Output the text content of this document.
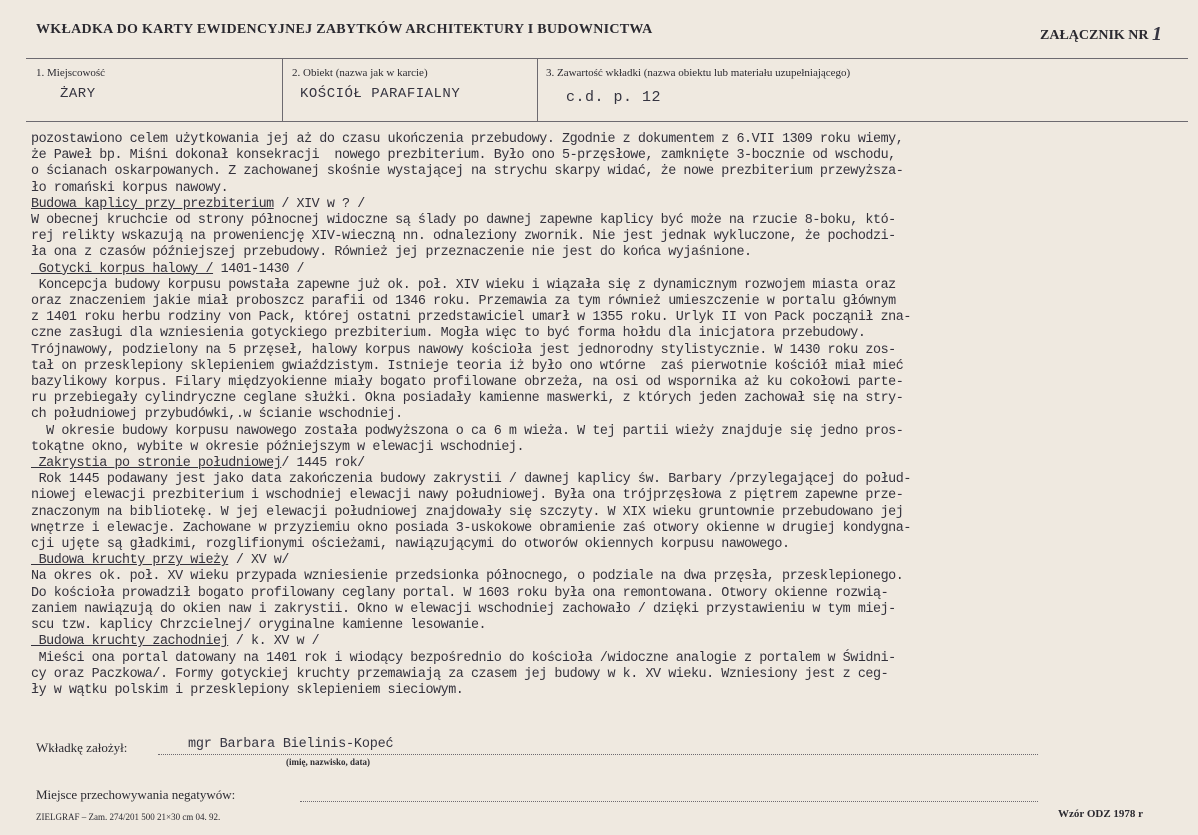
WKŁADKA DO KARTY EWIDENCYJNEJ ZABYTKÓW ARCHITEKTURY I BUDOWNICTWA	ZAŁĄCZNIK NR 1
1. Miejscowość
ŻARY
2. Obiekt (nazwa jak w karcie)
KOŚCIÓŁ PARAFIALNY
3. Zawartość wkładki (nazwa obiektu lub materiału uzupełniającego)
c.d. p. 12
pozostawiono celem użytkowania jej aż do czasu ukończenia przebudowy. Zgodnie z dokumentem z 6.VII 1309 roku wiemy,
że Paweł bp. Miśni dokonał konsekracji  nowego prezbiterium. Było ono 5-przęsłowe, zamknięte 3-bocznie od wschodu,
o ścianach oskarpowanych. Z zachowanej skośnie wystającej na strychu skarpy widać, że nowe prezbiterium przewyższa-
ło romański korpus nawowy.
Budowa kaplicy przy prezbiterium / XIV w ? /
W obecnej kruchcie od strony północnej widoczne są ślady po dawnej zapewne kaplicy być może na rzucie 8-boku, któ-
rej relikty wskazują na proweniencję XIV-wieczną nn. odnaleziony zwornik. Nie jest jednak wykluczone, że pochodzi-
ła ona z czasów późniejszej przebudowy. Również jej przeznaczenie nie jest do końca wyjaśnione.
Gotycki korpus halowy / 1401-1430 /
Koncepcja budowy korpusu powstała zapewne już ok. poł. XIV wieku i wiązała się z dynamicznym rozwojem miasta oraz
oraz znaczeniem jakie miał proboszcz parafii od 1346 roku. Przemawia za tym również umieszczenie w portalu głównym
z 1401 roku herbu rodziny von Pack, której ostatni przedstawiciel umarł w 1355 roku. Urlyk II von Pack począnił zna-
czne zasługi dla wzniesienia gotyckiego prezbiterium. Mogła więc to być forma hołdu dla inicjatora przebudowy.
Trójnawowy, podzielony na 5 przęseł, halowy korpus nawowy kościoła jest jednorodny stylistycznie. W 1430 roku zos-
tał on przesklepiony sklepieniem gwiaździstym. Istnieje teoria iż było ono wtórne  zaś pierwotnie kościół miał mieć
bazylikowy korpus. Filary międzyokienne miały bogato profilowane obrzeża, na osi od wspornika aż ku cokołowi parte-
ru przebiegały cylindryczne ceglane służki. Okna posiadały kamienne maswerki, z których jeden zachował się na stry-
ch południowej przybudówki,.w ścianie wschodniej.
W okresie budowy korpusu nawowego została podwyższona o ca 6 m wieża. W tej partii wieży znajduje się jedno pros-
tokątne okno, wybite w okresie późniejszym w elewacji wschodniej.
Zakrystia po stronie południowej/ 1445 rok/
Rok 1445 podawany jest jako data zakończenia budowy zakrystii / dawnej kaplicy św. Barbary /przylegającej do połud-
niowej elewacji prezbiterium i wschodniej elewacji nawy południowej. Była ona trójprzęsłowa z piętrem zapewne prze-
znaczonym na bibliotekę. W jej elewacji południowej znajdowały się szczyty. W XIX wieku gruntownie przebudowano jej
wnętrze i elewacje. Zachowane w przyziemiu okno posiada 3-uskokowe obramienie zaś otwory okienne w drugiej kondygna-
cji ujęte są gładkimi, rozglifionymi ościeżami, nawiązującymi do otworów okiennych korpusu nawowego.
Budowa kruchty przy wieży / XV w/
Na okres ok. poł. XV wieku przypada wzniesienie przedsionka północnego, o podziale na dwa przęsła, przesklepionego.
Do kościoła prowadził bogato profilowany ceglany portal. W 1603 roku była ona remontowana. Otwory okienne rozwią-
zaniem nawiązują do okien naw i zakrystii. Okno w elewacji wschodniej zachowało / dzięki przystawieniu w tym miej-
scu tzw. kaplicy Chrzcielnej/ oryginalne kamienne lesowanie.
Budowa kruchty zachodniej / k. XV w /
Mieści ona portal datowany na 1401 rok i wiodący bezpośrednio do kościoła /widoczne analogie z portalem w Świdni-
cy oraz Paczkowa/. Formy gotyckiej kruchty przemawiają za czasem jej budowy w k. XV wieku. Wzniesiony jest z ceg-
ły w wątku polskim i przesklepiony sklepieniem sieciowym.
Wkładkę założył:	mgr Barbara Bielinis-Kopeć
(imię, nazwisko, data)
Miejsce przechowywania negatywów:
ZIELGRAF – Zam. 274/201 500 21×30 cm 04. 92.	Wzór ODZ 1978 r
